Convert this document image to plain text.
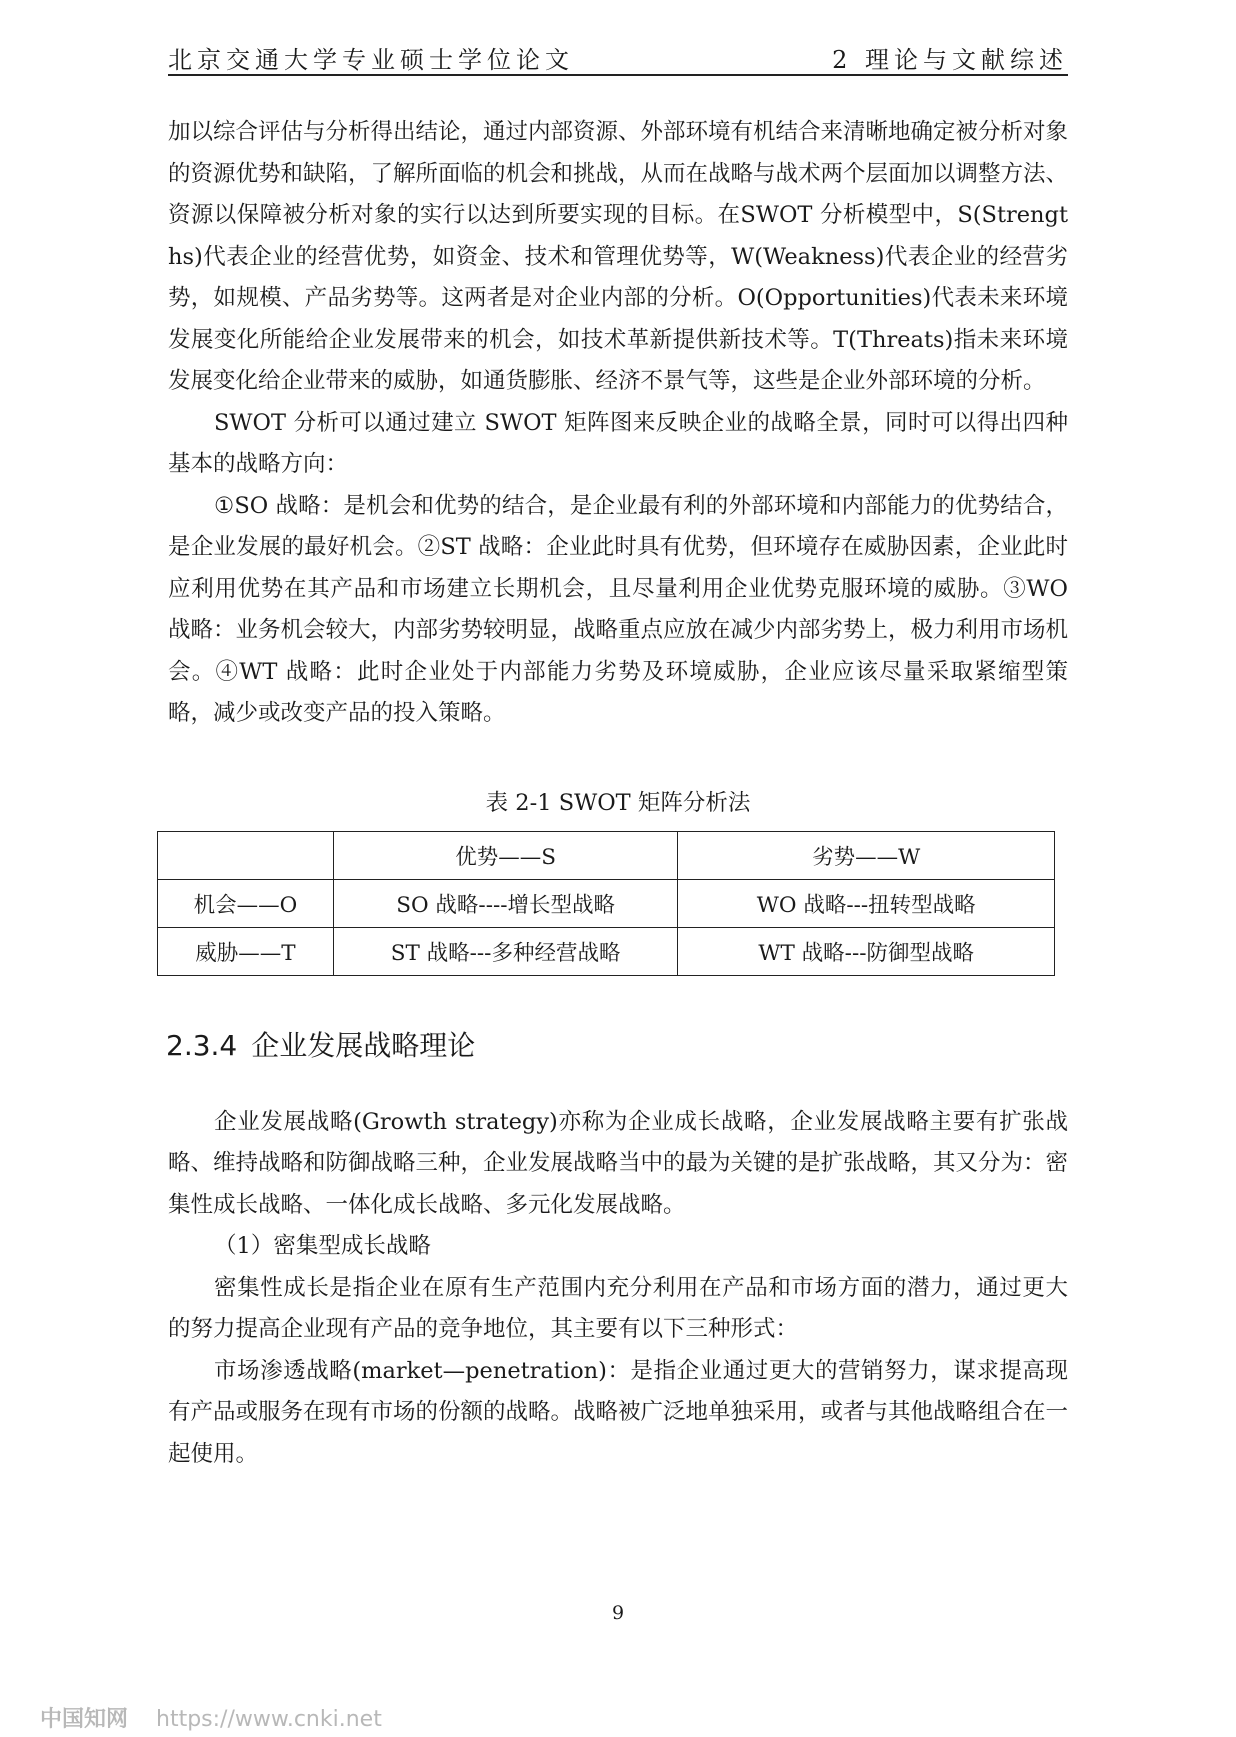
北京交通大学专业硕士学位论文	2 理论与文献综述

加以综合评估与分析得出结论，通过内部资源、外部环境有机结合来清晰地确定被分析对象的资源优势和缺陷，了解所面临的机会和挑战，从而在战略与战术两个层面加以调整方法、资源以保障被分析对象的实行以达到所要实现的目标。在SWOT 分析模型中，S(Strengths)代表企业的经营优势，如资金、技术和管理优势等，W(Weakness)代表企业的经营劣势，如规模、产品劣势等。这两者是对企业内部的分析。O(Opportunities)代表未来环境发展变化所能给企业发展带来的机会，如技术革新提供新技术等。T(Threats)指未来环境发展变化给企业带来的威胁，如通货膨胀、经济不景气等，这些是企业外部环境的分析。

SWOT 分析可以通过建立 SWOT 矩阵图来反映企业的战略全景，同时可以得出四种基本的战略方向：

①SO 战略：是机会和优势的结合，是企业最有利的外部环境和内部能力的优势结合，是企业发展的最好机会。②ST 战略：企业此时具有优势，但环境存在威胁因素，企业此时应利用优势在其产品和市场建立长期机会，且尽量利用企业优势克服环境的威胁。③WO 战略：业务机会较大，内部劣势较明显，战略重点应放在减少内部劣势上，极力利用市场机会。④WT 战略：此时企业处于内部能力劣势及环境威胁，企业应该尽量采取紧缩型策略，减少或改变产品的投入策略。

表 2-1 SWOT 矩阵分析法
	优势——S	劣势——W
机会——O	SO 战略----增长型战略	WO 战略---扭转型战略
威胁——T	ST 战略---多种经营战略	WT 战略---防御型战略
2.3.4 企业发展战略理论

企业发展战略(Growth strategy)亦称为企业成长战略，企业发展战略主要有扩张战略、维持战略和防御战略三种，企业发展战略当中的最为关键的是扩张战略，其又分为：密集性成长战略、一体化成长战略、多元化发展战略。

（1）密集型成长战略

密集性成长是指企业在原有生产范围内充分利用在产品和市场方面的潜力，通过更大的努力提高企业现有产品的竞争地位，其主要有以下三种形式：

市场渗透战略(market—penetration)：是指企业通过更大的营销努力，谋求提高现有产品或服务在现有市场的份额的战略。战略被广泛地单独采用，或者与其他战略组合在一起使用。

9
中国知网 https://www.cnki.net
